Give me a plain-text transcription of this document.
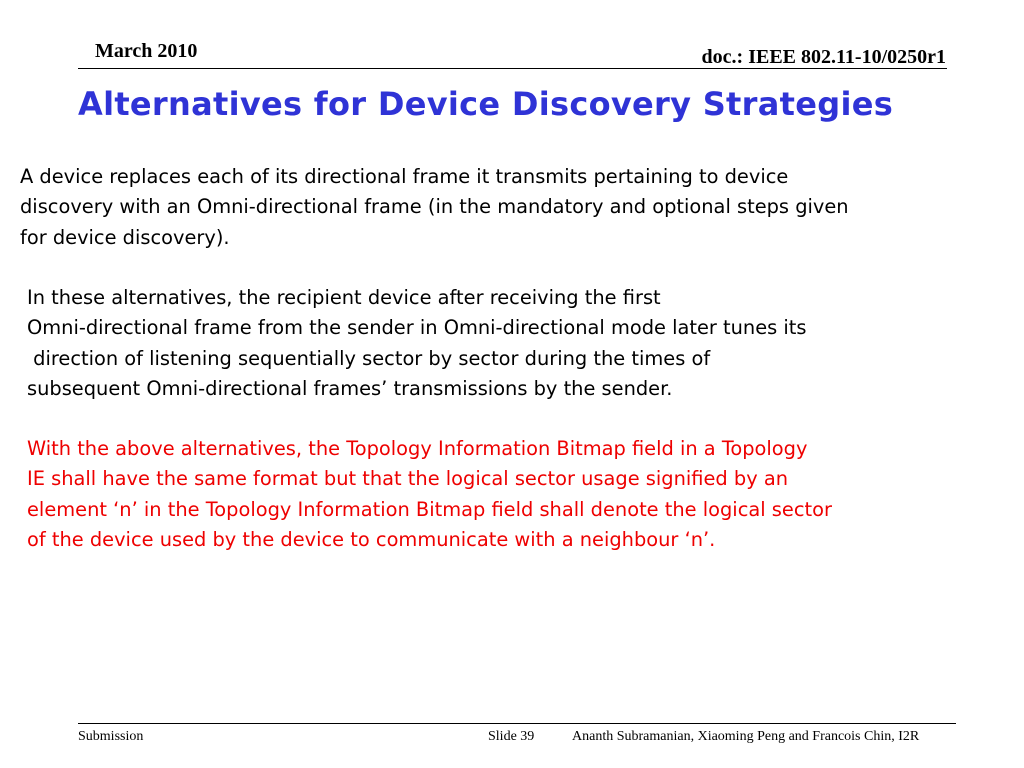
March 2010	doc.: IEEE 802.11-10/0250r1
Alternatives for Device Discovery Strategies
A device replaces each of its directional frame it transmits pertaining to device
discovery with an Omni-directional frame (in the mandatory and optional steps given
for device discovery).
In these alternatives, the recipient device after receiving the first
Omni-directional frame from the sender in Omni-directional mode later tunes its
direction of listening sequentially sector by sector during the times of
subsequent Omni-directional frames’ transmissions by the sender.
With the above alternatives, the Topology Information Bitmap field in a Topology
IE shall have the same format but that the logical sector usage signified by an
element ‘n’ in the Topology Information Bitmap field shall denote the logical sector
of the device used by the device to communicate with a neighbour ‘n’.
Submission	Slide 39	Ananth Subramanian, Xiaoming Peng and Francois Chin, I2R
